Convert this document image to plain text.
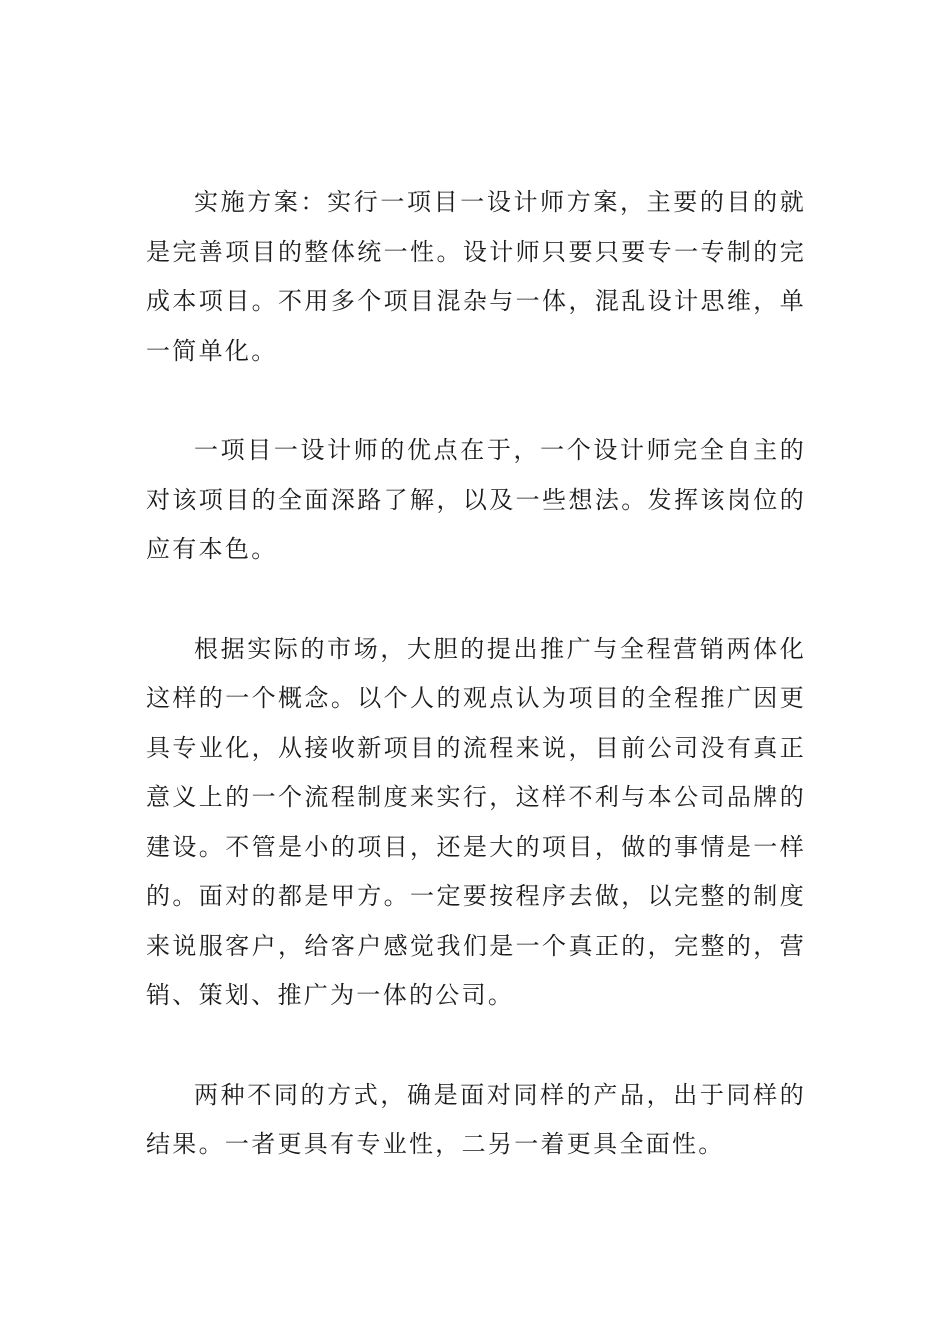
实施方案：实行一项目一设计师方案，主要的目的就是完善项目的整体统一性。设计师只要只要专一专制的完成本项目。不用多个项目混杂与一体，混乱设计思维，单一简单化。

一项目一设计师的优点在于，一个设计师完全自主的对该项目的全面深路了解，以及一些想法。发挥该岗位的应有本色。

根据实际的市场，大胆的提出推广与全程营销两体化这样的一个概念。以个人的观点认为项目的全程推广因更具专业化，从接收新项目的流程来说，目前公司没有真正意义上的一个流程制度来实行，这样不利与本公司品牌的建设。不管是小的项目，还是大的项目，做的事情是一样的。面对的都是甲方。一定要按程序去做，以完整的制度来说服客户，给客户感觉我们是一个真正的，完整的，营销、策划、推广为一体的公司。

两种不同的方式，确是面对同样的产品，出于同样的结果。一者更具有专业性，二另一着更具全面性。
